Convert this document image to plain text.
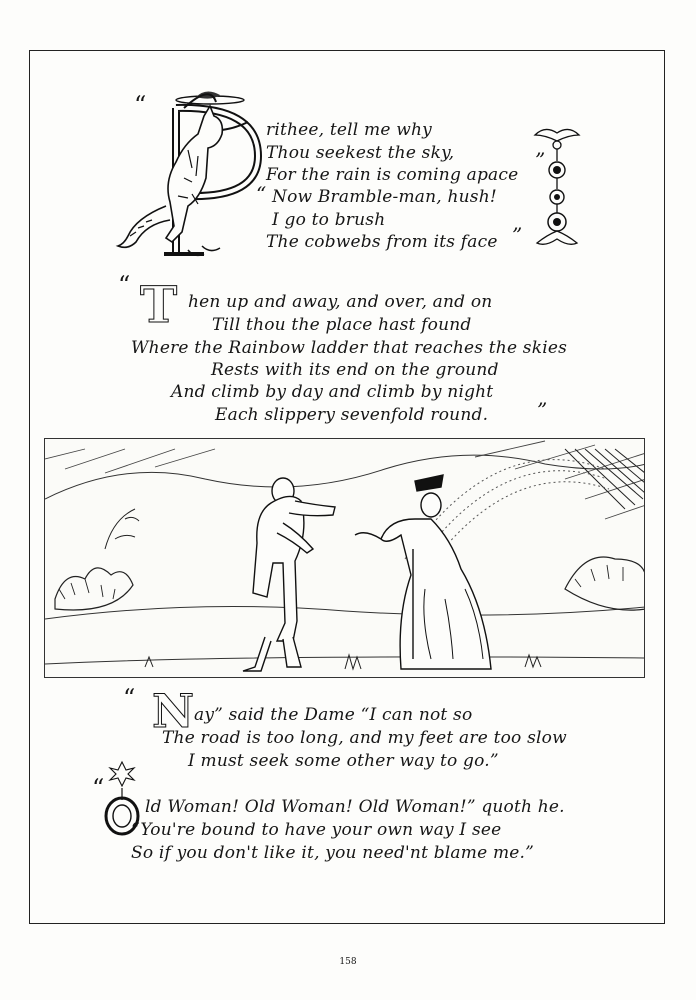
“
rithee, tell me why
Thou seekest the sky,
For the rain is coming apace
“ Now Bramble-man, hush!
I go to brush
The cobwebs from its face
”
”
“ T hen up and away, and over, and on
Till thou the place hast found
Where the Rainbow ladder that reaches the skies
Rests with its end on the ground
And climb by day and climb by night
Each slippery sevenfold round. ”
“ N ay” said the Dame “I can not so
The road is too long, and my feet are too slow
I must seek some other way to go.”
“
ld Woman! Old Woman! Old Woman!” quoth he.
“You're bound to have your own way I see
So if you don't like it, you need'nt blame me.”
158
